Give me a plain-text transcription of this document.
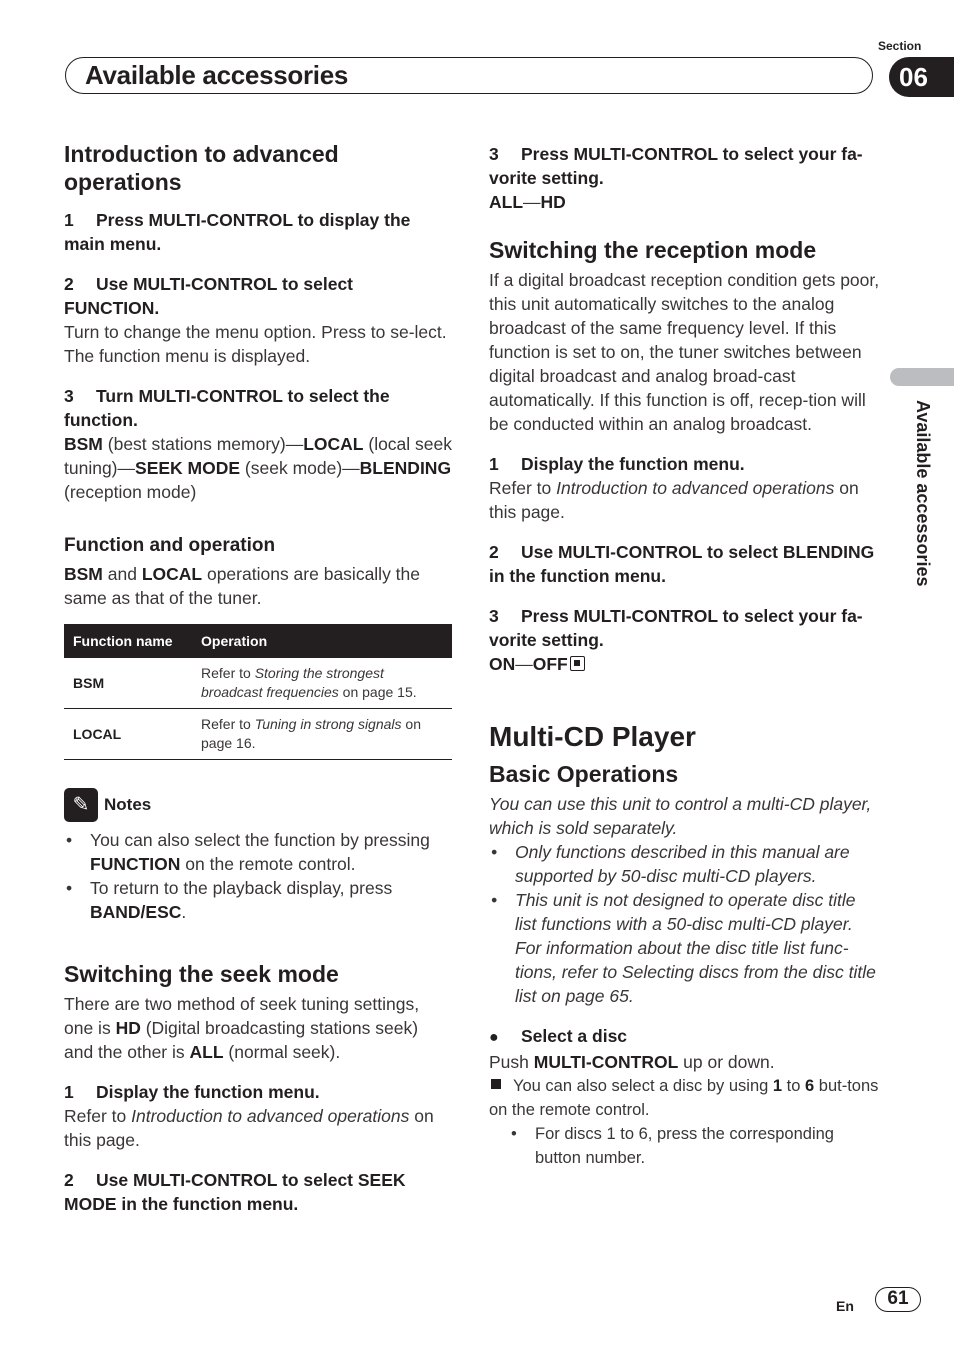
Section
Available accessories	06
Available accessories

Introduction to advanced operations

1 Press MULTI-CONTROL to display the main menu.

2 Use MULTI-CONTROL to select FUNCTION.

Turn to change the menu option. Press to se-lect.

The function menu is displayed.

3 Turn MULTI-CONTROL to select the function.

BSM (best stations memory)—LOCAL (local seek tuning)—SEEK MODE (seek mode)—BLENDING (reception mode)

Function and operation

BSM and LOCAL operations are basically the same as that of the tuner.

Function name	Operation
BSM	Refer to Storing the strongest broadcast frequencies on page 15.
LOCAL	Refer to Tuning in strong signals on page 16.
✎ Notes
• You can also select the function by pressing FUNCTION on the remote control.
• To return to the playback display, press BAND/ESC.

Switching the seek mode

There are two method of seek tuning settings, one is HD (Digital broadcasting stations seek) and the other is ALL (normal seek).

1 Display the function menu.

Refer to Introduction to advanced operations on this page.

2 Use MULTI-CONTROL to select SEEK MODE in the function menu.

3 Press MULTI-CONTROL to select your fa-vorite setting.

ALL—HD

Switching the reception mode

If a digital broadcast reception condition gets poor, this unit automatically switches to the analog broadcast of the same frequency level. If this function is set to on, the tuner switches between digital broadcast and analog broad-cast automatically. If this function is off, recep-tion will be conducted within an analog broadcast.

1 Display the function menu.

Refer to Introduction to advanced operations on this page.

2 Use MULTI-CONTROL to select BLENDING in the function menu.

3 Press MULTI-CONTROL to select your fa-vorite setting.

ON—OFF

Multi-CD Player

Basic Operations

You can use this unit to control a multi-CD player, which is sold separately.

• Only functions described in this manual are supported by 50-disc multi-CD players.
• This unit is not designed to operate disc title list functions with a 50-disc multi-CD player. For information about the disc title list func-tions, refer to Selecting discs from the disc title list on page 65.

● Select a disc

Push MULTI-CONTROL up or down.

You can also select a disc by using 1 to 6 but-tons on the remote control.

• For discs 1 to 6, press the corresponding button number.

En	61
